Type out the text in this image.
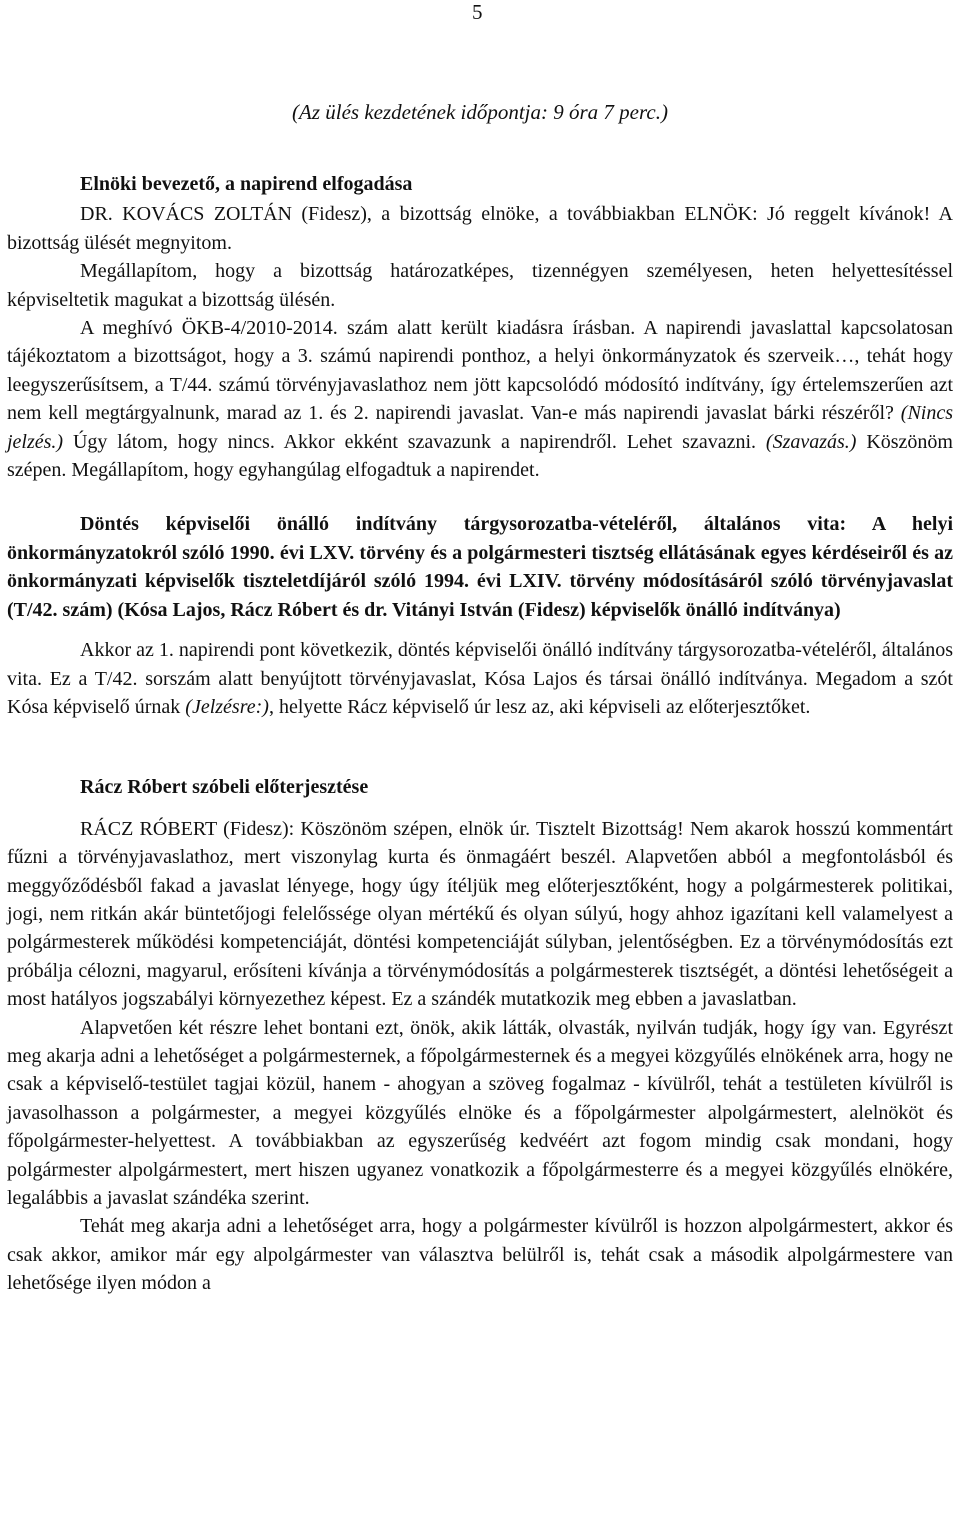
5
(Az ülés kezdetének időpontja: 9 óra 7 perc.)

Elnöki bevezető, a napirend elfogadása

DR. KOVÁCS ZOLTÁN (Fidesz), a bizottság elnöke, a továbbiakban ELNÖK: Jó reggelt kívánok! A bizottság ülését megnyitom.

Megállapítom, hogy a bizottság határozatképes, tizennégyen személyesen, heten helyettesítéssel képviseltetik magukat a bizottság ülésén.

A meghívó ÖKB-4/2010-2014. szám alatt került kiadásra írásban. A napirendi javaslattal kapcsolatosan tájékoztatom a bizottságot, hogy a 3. számú napirendi ponthoz, a helyi önkormányzatok és szerveik…, tehát hogy leegyszerűsítsem, a T/44. számú törvényjavaslathoz nem jött kapcsolódó módosító indítvány, így értelemszerűen azt nem kell megtárgyalnunk, marad az 1. és 2. napirendi javaslat. Van-e más napirendi javaslat bárki részéről? (Nincs jelzés.) Úgy látom, hogy nincs. Akkor ekként szavazunk a napirendről. Lehet szavazni. (Szavazás.) Köszönöm szépen. Megállapítom, hogy egyhangúlag elfogadtuk a napirendet.

Döntés képviselői önálló indítvány tárgysorozatba-vételéről, általános vita: A helyi önkormányzatokról szóló 1990. évi LXV. törvény és a polgármesteri tisztség ellátásának egyes kérdéseiről és az önkormányzati képviselők tiszteletdíjáról szóló 1994. évi LXIV. törvény módosításáról szóló törvényjavaslat (T/42. szám) (Kósa Lajos, Rácz Róbert és dr. Vitányi István (Fidesz) képviselők önálló indítványa)

Akkor az 1. napirendi pont következik, döntés képviselői önálló indítvány tárgysorozatba-vételéről, általános vita. Ez a T/42. sorszám alatt benyújtott törvényjavaslat, Kósa Lajos és társai önálló indítványa. Megadom a szót Kósa képviselő úrnak (Jelzésre:), helyette Rácz képviselő úr lesz az, aki képviseli az előterjesztőket.

Rácz Róbert szóbeli előterjesztése

RÁCZ RÓBERT (Fidesz): Köszönöm szépen, elnök úr. Tisztelt Bizottság! Nem akarok hosszú kommentárt fűzni a törvényjavaslathoz, mert viszonylag kurta és önmagáért beszél. Alapvetően abból a megfontolásból és meggyőződésből fakad a javaslat lényege, hogy úgy ítéljük meg előterjesztőként, hogy a polgármesterek politikai, jogi, nem ritkán akár büntetőjogi felelőssége olyan mértékű és olyan súlyú, hogy ahhoz igazítani kell valamelyest a polgármesterek működési kompetenciáját, döntési kompetenciáját súlyban, jelentőségben. Ez a törvénymódosítás ezt próbálja célozni, magyarul, erősíteni kívánja a törvénymódosítás a polgármesterek tisztségét, a döntési lehetőségeit a most hatályos jogszabályi környezethez képest. Ez a szándék mutatkozik meg ebben a javaslatban.

Alapvetően két részre lehet bontani ezt, önök, akik látták, olvasták, nyilván tudják, hogy így van. Egyrészt meg akarja adni a lehetőséget a polgármesternek, a főpolgármesternek és a megyei közgyűlés elnökének arra, hogy ne csak a képviselő-testület tagjai közül, hanem - ahogyan a szöveg fogalmaz - kívülről, tehát a testületen kívülről is javasolhasson a polgármester, a megyei közgyűlés elnöke és a főpolgármester alpolgármestert, alelnököt és főpolgármester-helyettest. A továbbiakban az egyszerűség kedvéért azt fogom mindig csak mondani, hogy polgármester alpolgármestert, mert hiszen ugyanez vonatkozik a főpolgármesterre és a megyei közgyűlés elnökére, legalábbis a javaslat szándéka szerint.

Tehát meg akarja adni a lehetőséget arra, hogy a polgármester kívülről is hozzon alpolgármestert, akkor és csak akkor, amikor már egy alpolgármester van választva belülről is, tehát csak a második alpolgármestere van lehetősége ilyen módon a
